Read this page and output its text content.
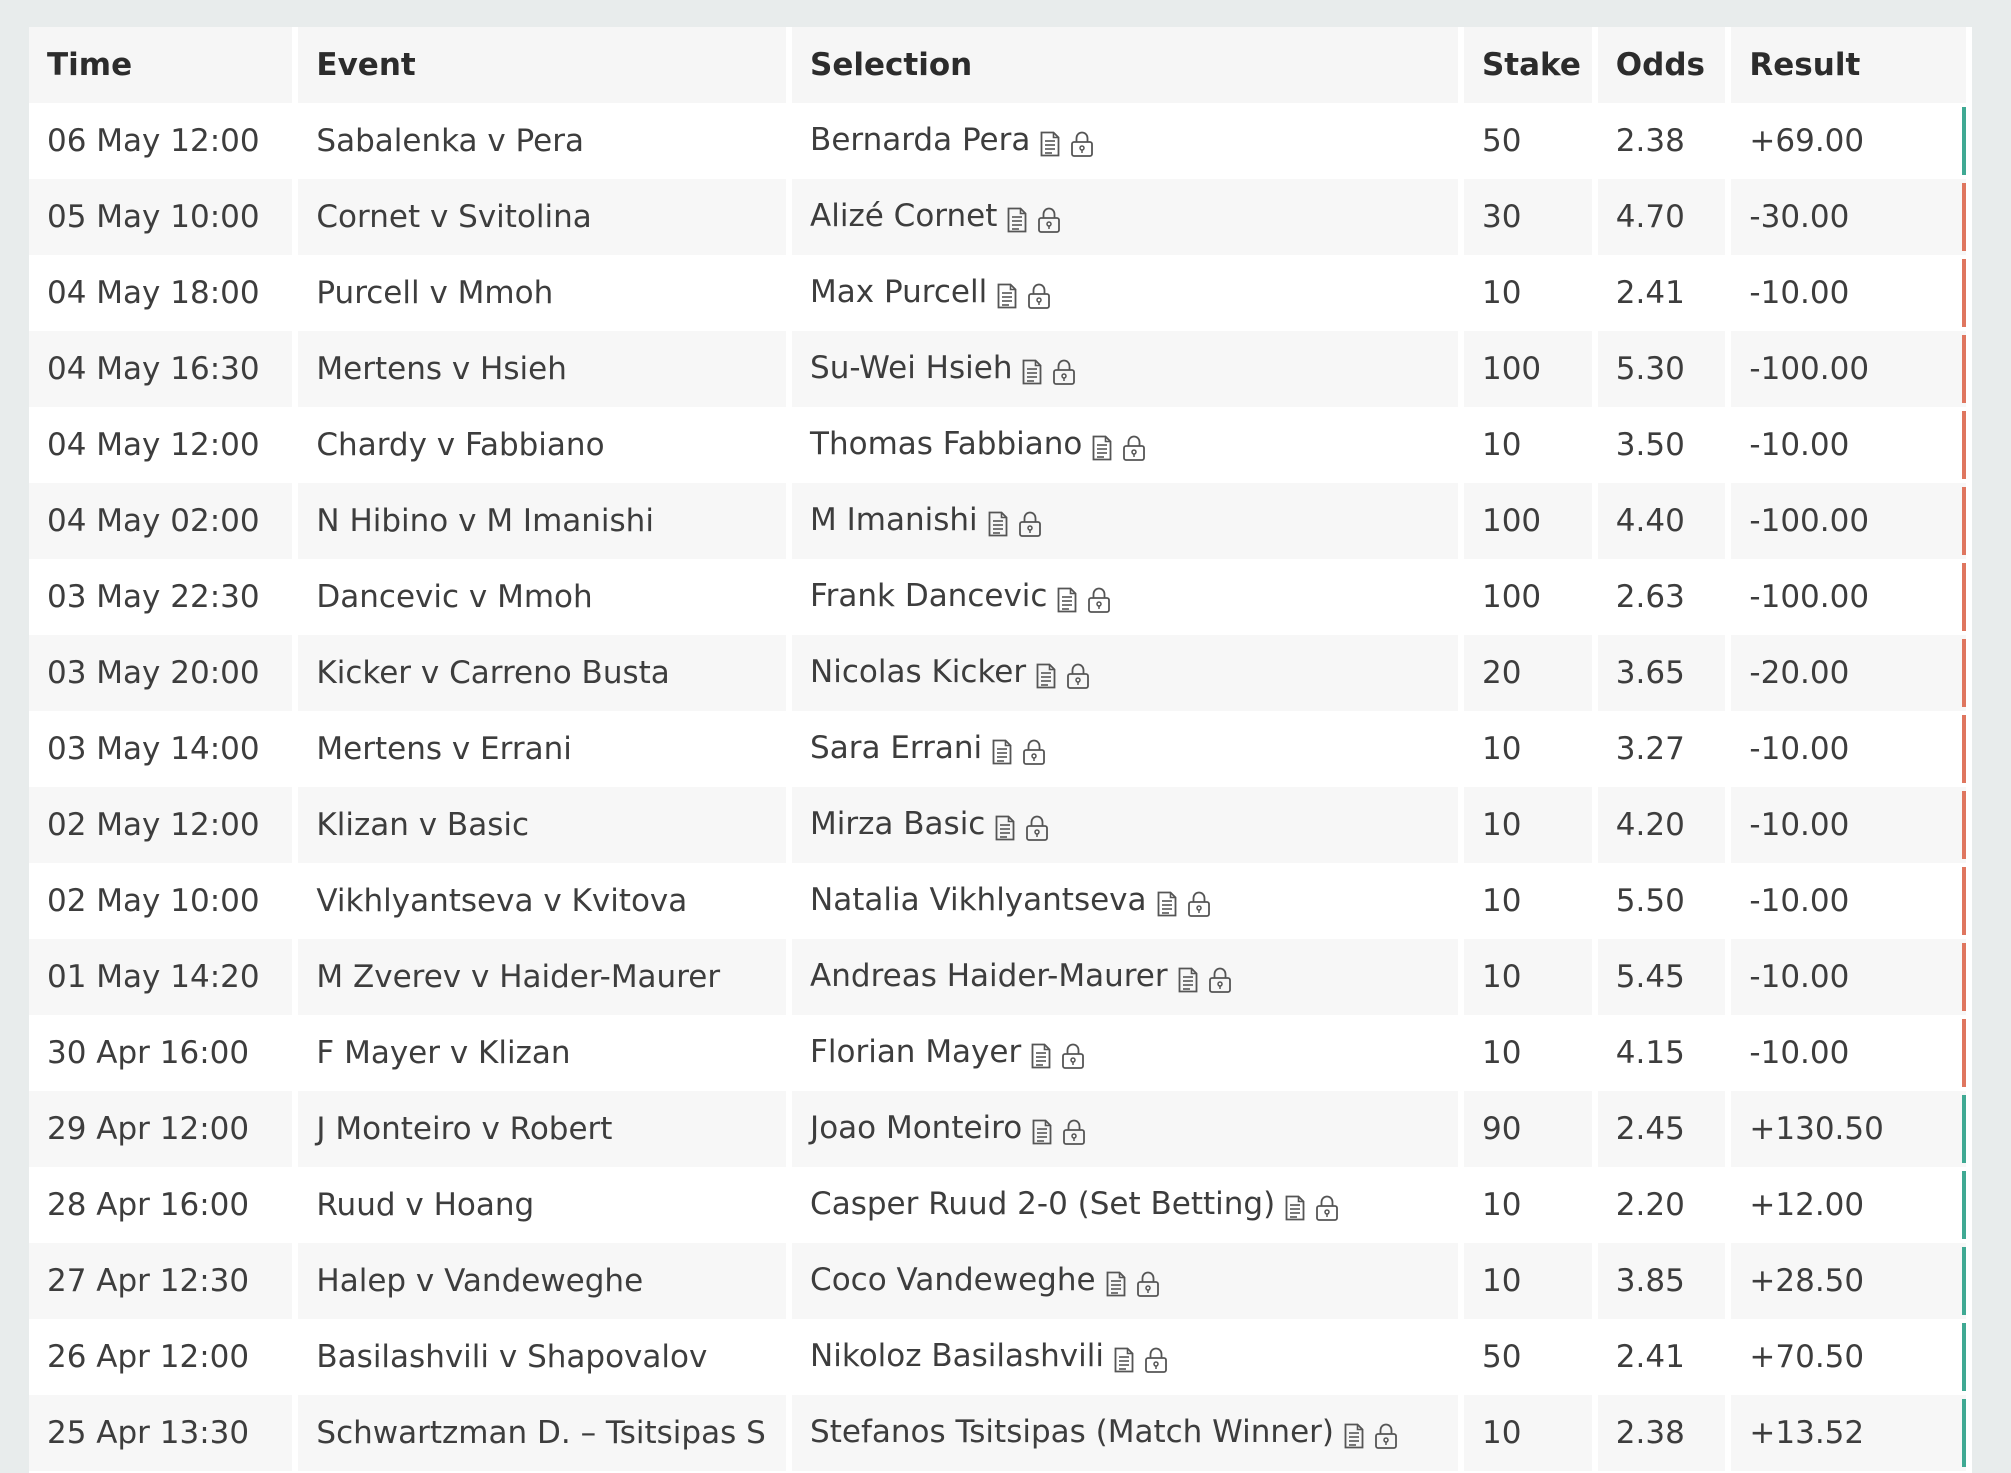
Time	Event	Selection	Stake	Odds	Result
06 May 12:00	Sabalenka v Pera	Bernarda Pera	50	2.38	+69.00
05 May 10:00	Cornet v Svitolina	Alizé Cornet	30	4.70	-30.00
04 May 18:00	Purcell v Mmoh	Max Purcell	10	2.41	-10.00
04 May 16:30	Mertens v Hsieh	Su-Wei Hsieh	100	5.30	-100.00
04 May 12:00	Chardy v Fabbiano	Thomas Fabbiano	10	3.50	-10.00
04 May 02:00	N Hibino v M Imanishi	M Imanishi	100	4.40	-100.00
03 May 22:30	Dancevic v Mmoh	Frank Dancevic	100	2.63	-100.00
03 May 20:00	Kicker v Carreno Busta	Nicolas Kicker	20	3.65	-20.00
03 May 14:00	Mertens v Errani	Sara Errani	10	3.27	-10.00
02 May 12:00	Klizan v Basic	Mirza Basic	10	4.20	-10.00
02 May 10:00	Vikhlyantseva v Kvitova	Natalia Vikhlyantseva	10	5.50	-10.00
01 May 14:20	M Zverev v Haider-Maurer	Andreas Haider-Maurer	10	5.45	-10.00
30 Apr 16:00	F Mayer v Klizan	Florian Mayer	10	4.15	-10.00
29 Apr 12:00	J Monteiro v Robert	Joao Monteiro	90	2.45	+130.50
28 Apr 16:00	Ruud v Hoang	Casper Ruud 2-0 (Set Betting)	10	2.20	+12.00
27 Apr 12:30	Halep v Vandeweghe	Coco Vandeweghe	10	3.85	+28.50
26 Apr 12:00	Basilashvili v Shapovalov	Nikoloz Basilashvili	50	2.41	+70.50
25 Apr 13:30	Schwartzman D. – Tsitsipas S	Stefanos Tsitsipas (Match Winner)	10	2.38	+13.52
